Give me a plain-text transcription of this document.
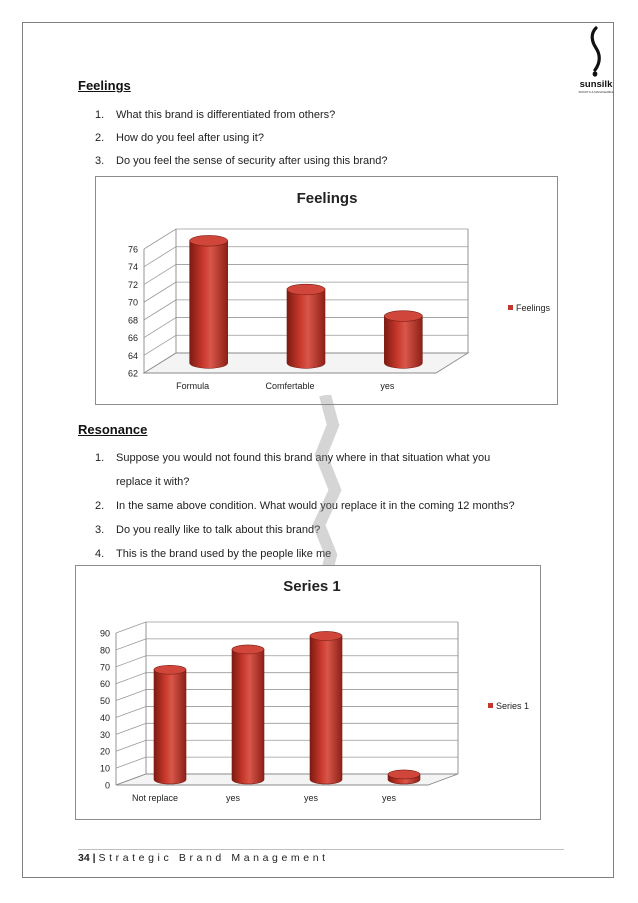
sunsilk
SMOOTH & MANAGEABLE
Feelings
1. What this brand is differentiated from others?
2. How do you feel after using it?
3. Do you feel the sense of security after using this brand?
Feelings
62
64
66
68
70
72
74
76
Formula	Comfertable	yes
Feelings
Resonance
1. Suppose you would not found this brand any where in that situation what you
replace it with?
2. In the same above condition. What would you replace it in the coming 12 months?
3. Do you really like to talk about this brand?
4. This is the brand used by the people like me
Series 1
0
10
20
30
40
50
60
70
80
90
Not replace	yes	yes	yes
Series 1
34 | Strategic Brand Management
